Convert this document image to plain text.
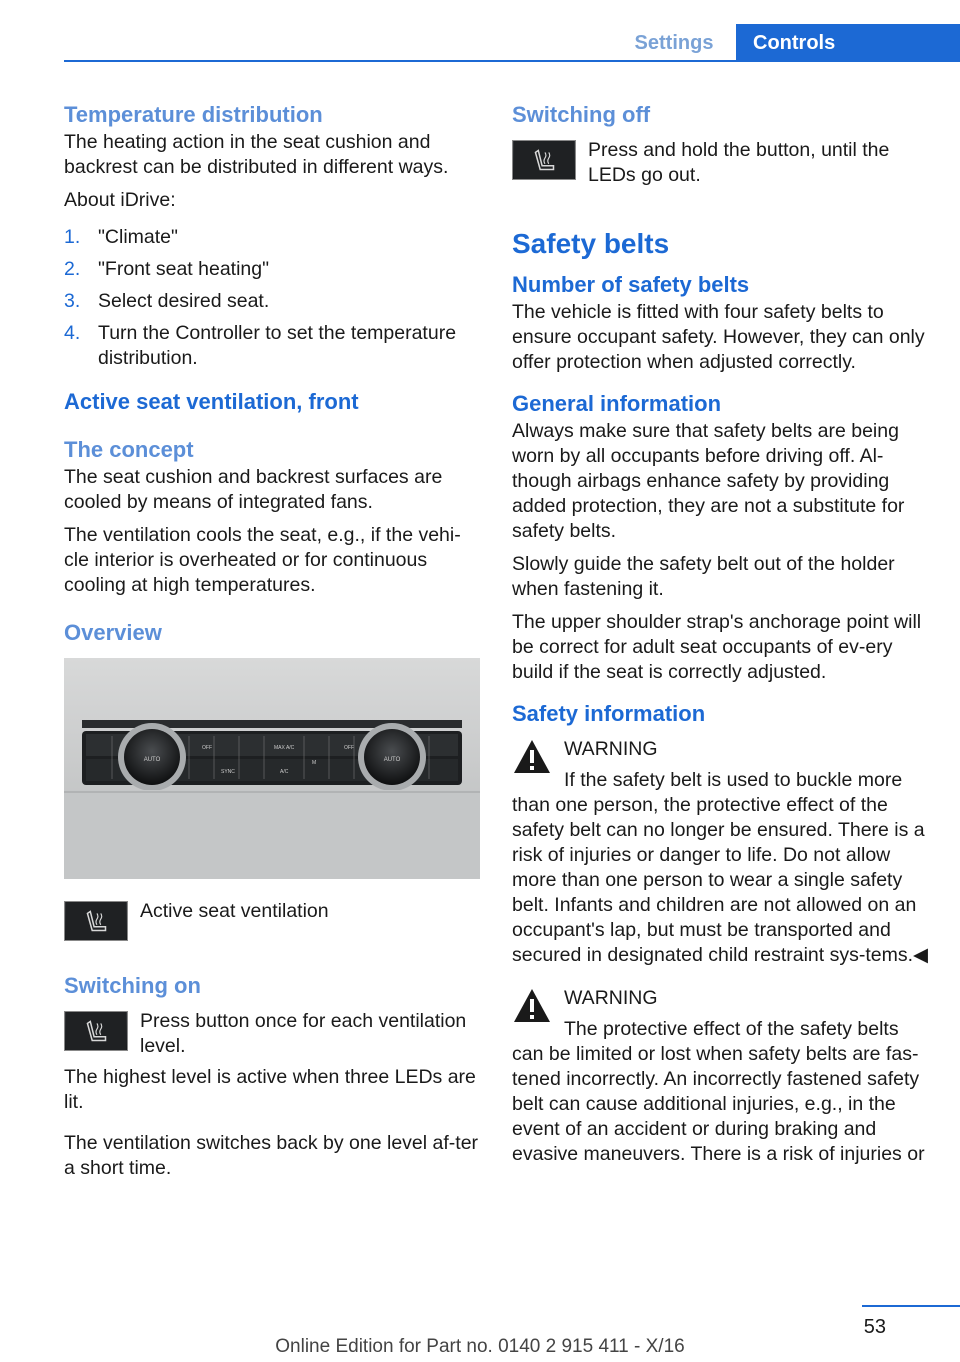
Settings	Controls
Temperature distribution

The heating action in the seat cushion and backrest can be distributed in different ways.

About iDrive:

1. "Climate"
2. "Front seat heating"
3. Select desired seat.
4. Turn the Controller to set the temperature distribution.
Active seat ventilation, front
The concept

The seat cushion and backrest surfaces are cooled by means of integrated fans.

The ventilation cools the seat, e.g., if the vehi-cle interior is overheated or for continuous cooling at high temperatures.

Overview
AUTO	AUTO
OFF	OFF
MAX A/C
SYNC	A/C
M
Active seat ventilation
Switching on
Press button once for each ventilation level.

The highest level is active when three LEDs are lit.

The ventilation switches back by one level af-ter a short time.

Switching off
Press and hold the button, until the LEDs go out.
Safety belts
Number of safety belts

The vehicle is fitted with four safety belts to ensure occupant safety. However, they can only offer protection when adjusted correctly.

General information

Always make sure that safety belts are being worn by all occupants before driving off. Al-though airbags enhance safety by providing added protection, they are not a substitute for safety belts.

Slowly guide the safety belt out of the holder when fastening it.

The upper shoulder strap's anchorage point will be correct for adult seat occupants of ev-ery build if the seat is correctly adjusted.

Safety information
WARNING

If the safety belt is used to buckle more than one person, the protective effect of the safety belt can no longer be ensured. There is a risk of injuries or danger to life. Do not allow more than one person to wear a single safety belt. Infants and children are not allowed on an occupant's lap, but must be transported and secured in designated child restraint sys-tems.◀

WARNING

The protective effect of the safety belts can be limited or lost when safety belts are fas-tened incorrectly. An incorrectly fastened safety belt can cause additional injuries, e.g., in the event of an accident or during braking and evasive maneuvers. There is a risk of injuries or

53
Online Edition for Part no. 0140 2 915 411 - X/16
